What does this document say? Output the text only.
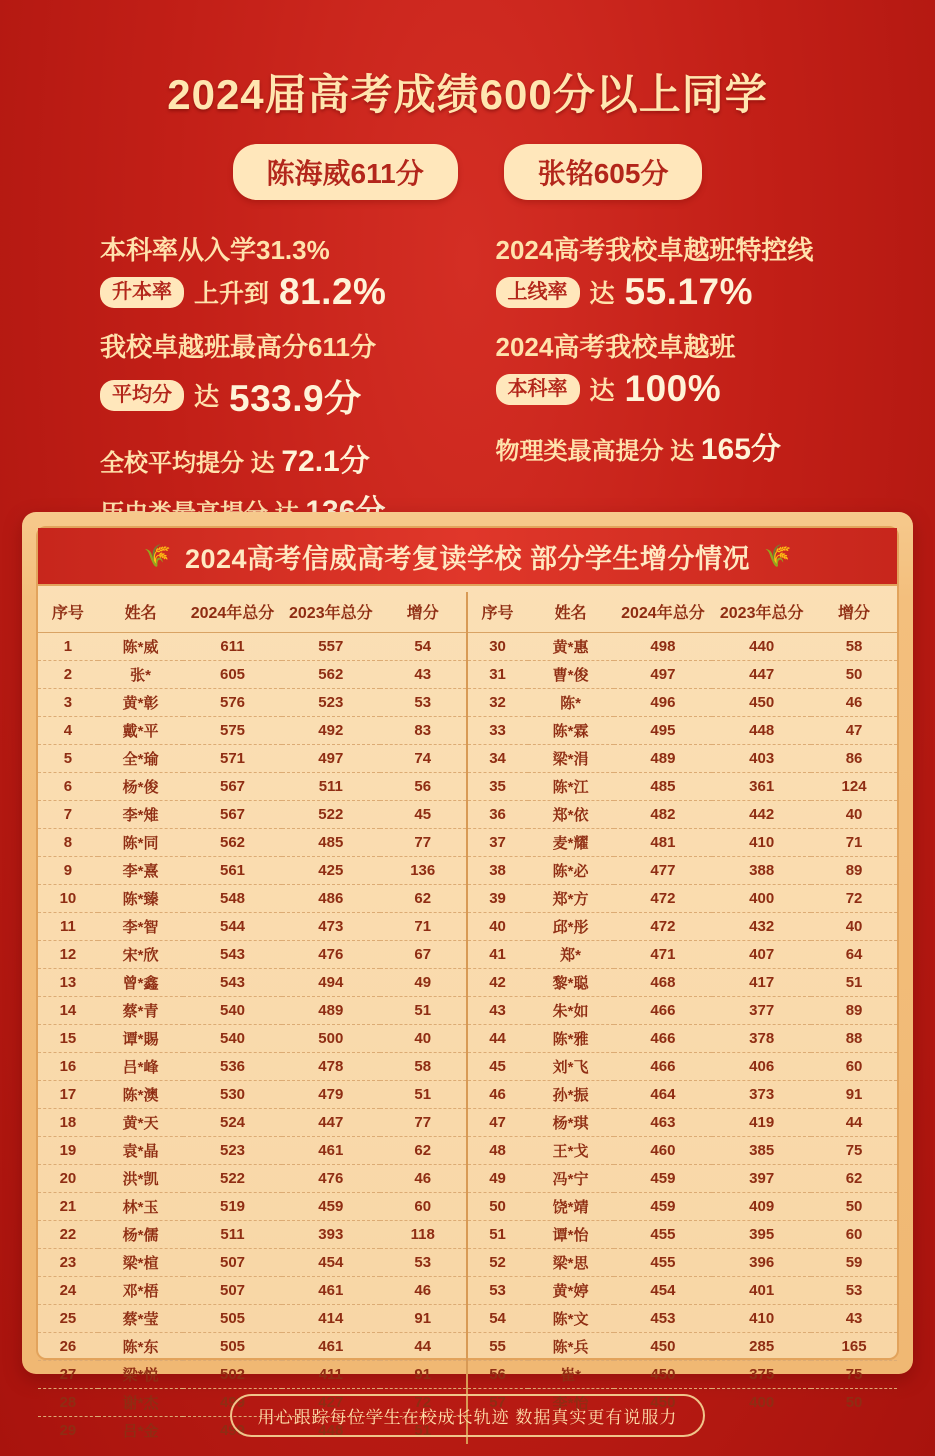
2024届高考成绩600分以上同学
陈海威611分	张铭605分
本科率从入学31.3%
升本率 上升到 81.2%
我校卓越班最高分611分
平均分 达 533.9分
全校平均提分 达 72.1分
2024高考我校卓越班特控线
上线率 达 55.17%
2024高考我校卓越班
本科率 达 100%
物理类最高提分 达 165分
🌾 2024高考信威高考复读学校 部分学生增分情况 🌾
序号	姓名	2024年总分	2023年总分	增分
1	陈*威	611	557	54
2	张*	605	562	43
3	黄*彰	576	523	53
4	戴*平	575	492	83
5	全*瑜	571	497	74
6	杨*俊	567	511	56
7	李*雉	567	522	45
8	陈*同	562	485	77
9	李*熹	561	425	136
10	陈*臻	548	486	62
11	李*智	544	473	71
12	宋*欣	543	476	67
13	曾*鑫	543	494	49
14	蔡*青	540	489	51
15	谭*賜	540	500	40
16	吕*峰	536	478	58
17	陈*澳	530	479	51
18	黄*天	524	447	77
19	袁*晶	523	461	62
20	洪*凯	522	476	46
21	林*玉	519	459	60
22	杨*儒	511	393	118
23	梁*楦	507	454	53
24	邓*梧	507	461	46
25	蔡*莹	505	414	91
26	陈*东	505	461	44
27	梁*悦	502	411	91
28	谢*杰	499	427	72
29	吕*金	499	448	51
序号	姓名	2024年总分	2023年总分	增分
30	黄*惠	498	440	58
31	曹*俊	497	447	50
32	陈*	496	450	46
33	陈*霖	495	448	47
34	梁*涓	489	403	86
35	陈*江	485	361	124
36	郑*依	482	442	40
37	麦*耀	481	410	71
38	陈*必	477	388	89
39	郑*方	472	400	72
40	邱*彤	472	432	40
41	郑*	471	407	64
42	黎*聪	468	417	51
43	朱*如	466	377	89
44	陈*雅	466	378	88
45	刘*飞	466	406	60
46	孙*振	464	373	91
47	杨*琪	463	419	44
48	王*戈	460	385	75
49	冯*宁	459	397	62
50	饶*靖	459	409	50
51	谭*怡	455	395	60
52	梁*思	455	396	59
53	黄*婷	454	401	53
54	陈*文	453	410	43
55	陈*兵	450	285	165
56	崔*	450	375	75
57	李*怡	450	400	50
用心跟踪每位学生在校成长轨迹 数据真实更有说服力
